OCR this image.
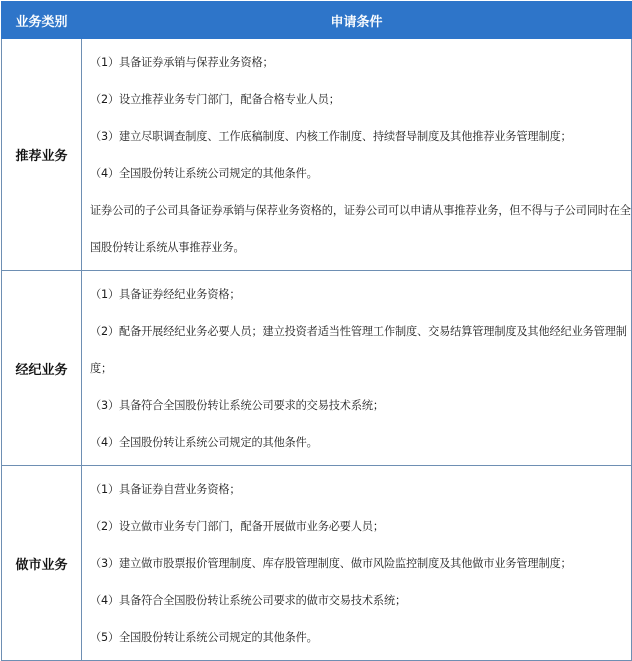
业务类别	申请条件
推荐业务	（1）具备证券承销与保荐业务资格；
（2）设立推荐业务专门部门，配备合格专业人员；
（3）建立尽职调查制度、工作底稿制度、内核工作制度、持续督导制度及其他推荐业务管理制度；
（4）全国股份转让系统公司规定的其他条件。
证券公司的子公司具备证券承销与保荐业务资格的，证券公司可以申请从事推荐业务，但不得与子公司同时在全国股份转让系统从事推荐业务。

经纪业务	（1）具备证券经纪业务资格；
（2）配备开展经纪业务必要人员；建立投资者适当性管理工作制度、交易结算管理制度及其他经纪业务管理制度；
（3）具备符合全国股份转让系统公司要求的交易技术系统；
（4）全国股份转让系统公司规定的其他条件。

做市业务	（1）具备证券自营业务资格；
（2）设立做市业务专门部门，配备开展做市业务必要人员；
（3）建立做市股票报价管理制度、库存股管理制度、做市风险监控制度及其他做市业务管理制度；
（4）具备符合全国股份转让系统公司要求的做市交易技术系统；
（5）全国股份转让系统公司规定的其他条件。
